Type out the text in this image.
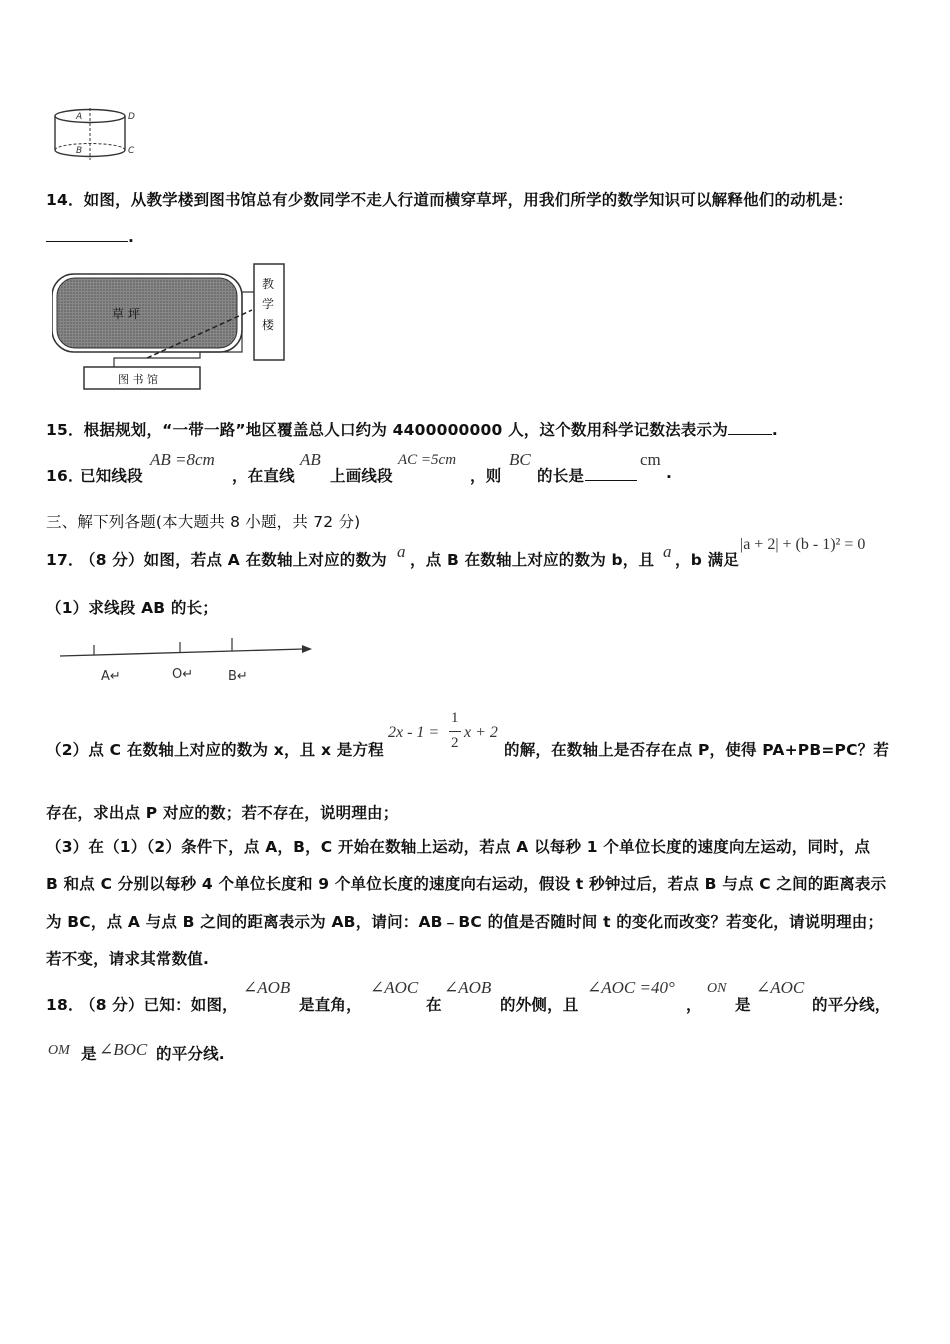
A	D
B	C
14．如图，从教学楼到图书馆总有少数同学不走人行道而横穿草坪，用我们所学的数学知识可以解释他们的动机是：
.
草 坪
教
学
楼
图 书 馆
15．根据规划，“一带一路”地区覆盖总人口约为 4400000000 人，这个数用科学记数法表示为	.
16．
已知线段
AB =8cm
，在直线
AB
上画线段
AC =5cm
，则
BC
的长是
cm
.
三、解下列各题(本大题共 8 小题，共 72 分)
17．
（8 分）如图，若点 A 在数轴上对应的数为 a ，点 B 在数轴上对应的数为 b，且 a ，b 满足
|a + 2| + (b - 1)² = 0
（1）求线段 AB 的长；
A↵	O↵	B↵
（2）点 C 在数轴上对应的数为 x，且 x 是方程
2x - 1 =
1
2
x + 2
的解，在数轴上是否存在点 P，使得 PA+PB=PC？若
存在，求出点 P 对应的数；若不存在，说明理由；
（3）在（1）（2）条件下，点 A，B，C 开始在数轴上运动，若点 A 以每秒 1 个单位长度的速度向左运动，同时，点
B 和点 C 分别以每秒 4 个单位长度和 9 个单位长度的速度向右运动，假设 t 秒钟过后，若点 B 与点 C 之间的距离表示
为 BC，点 A 与点 B 之间的距离表示为 AB，请问：AB﹣BC 的值是否随时间 t 的变化而改变？若变化，请说明理由；
若不变，请求其常数值.
18．
（8 分）已知：如图，
∠AOB
是直角，
∠AOC
在
∠AOB
的外侧，且
∠AOC =40°
，
ON
是
∠AOC
的平分线，
OM 是 ∠BOC 的平分线.
